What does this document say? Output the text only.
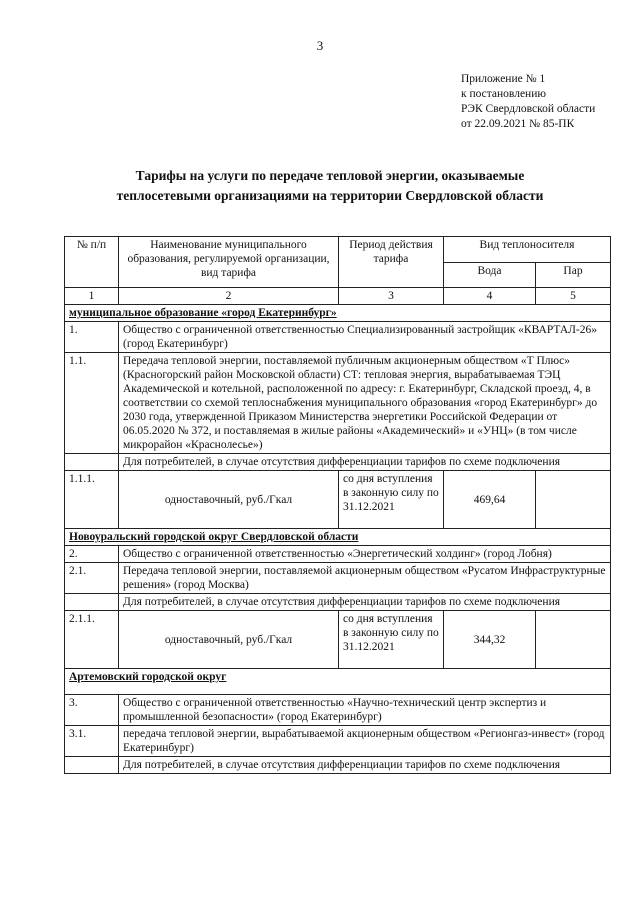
3
Приложение № 1
к постановлению
РЭК Свердловской области
от 22.09.2021 № 85-ПК
Тарифы на услуги по передаче тепловой энергии, оказываемые
теплосетевыми организациями на территории Свердловской области
№ п/п	Наименование муниципального образования, регулируемой организации, вид тарифа	Период действия тарифа	Вид теплоносителя	
			Вода	Пар
1	2	3	4	5
муниципальное образование «город Екатеринбург»				
1.	Общество с ограниченной ответственностью Специализированный застройщик «КВАРТАЛ-26» (город Екатеринбург)			
1.1.	Передача тепловой энергии, поставляемой публичным акционерным обществом «Т Плюс» (Красногорский район Московской области) СТ: тепловая энергия, вырабатываемая ТЭЦ Академической и котельной, расположенной по адресу: г. Екатеринбург, Складской проезд, 4, в соответствии со схемой теплоснабжения муниципального образования «город Екатеринбург» до 2030 года, утвержденной Приказом Министерства энергетики Российской Федерации от 06.05.2020 № 372, и поставляемая в жилые районы «Академический» и «УНЦ» (в том числе микрорайон «Краснолесье»)			
	Для потребителей, в случае отсутствия дифференциации тарифов по схеме подключения			
1.1.1.	одноставочный, руб./Гкал	со дня вступления в законную силу по 31.12.2021	469,64	
Новоуральский городской округ Свердловской области				
2.	Общество с ограниченной ответственностью «Энергетический холдинг» (город Лобня)			
2.1.	Передача тепловой энергии, поставляемой акционерным обществом «Русатом Инфраструктурные решения» (город Москва)			
	Для потребителей, в случае отсутствия дифференциации тарифов по схеме подключения			
2.1.1.	одноставочный, руб./Гкал	со дня вступления в законную силу по 31.12.2021	344,32	
Артемовский городской округ				
3.	Общество с ограниченной ответственностью «Научно-технический центр экспертиз и промышленной безопасности» (город Екатеринбург)			
3.1.	передача тепловой энергии, вырабатываемой акционерным обществом «Регионгаз-инвест» (город Екатеринбург)			
	Для потребителей, в случае отсутствия дифференциации тарифов по схеме подключения			
